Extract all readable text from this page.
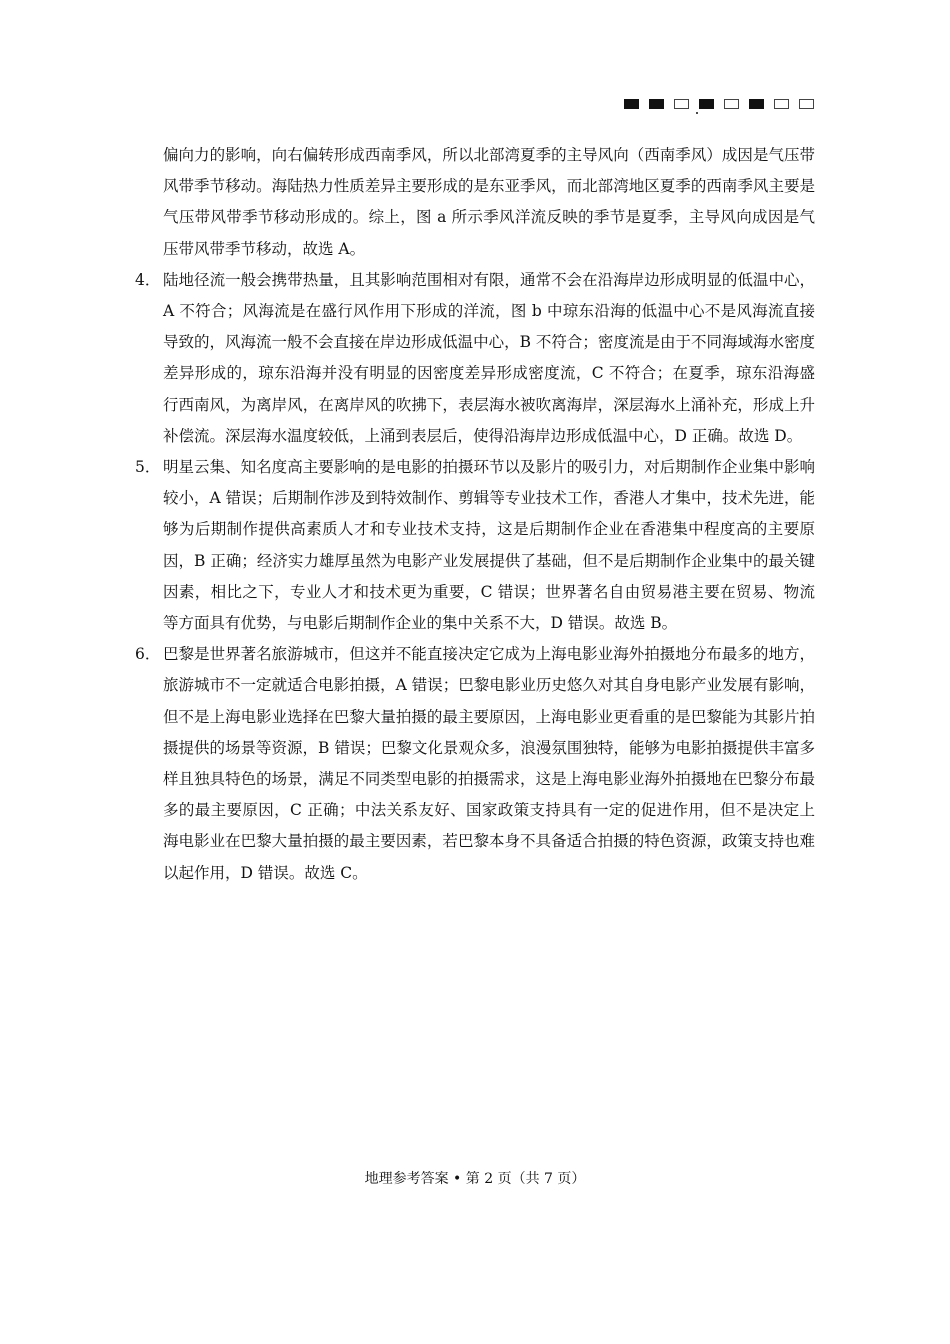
偏向力的影响，向右偏转形成西南季风，所以北部湾夏季的主导风向（西南季风）成因是气压带风带季节移动。海陆热力性质差异主要形成的是东亚季风，而北部湾地区夏季的西南季风主要是气压带风带季节移动形成的。综上，图 a 所示季风洋流反映的季节是夏季，主导风向成因是气压带风带季节移动，故选 A。

4． 陆地径流一般会携带热量，且其影响范围相对有限，通常不会在沿海岸边形成明显的低温中心，A 不符合；风海流是在盛行风作用下形成的洋流，图 b 中琼东沿海的低温中心不是风海流直接导致的，风海流一般不会直接在岸边形成低温中心，B 不符合；密度流是由于不同海域海水密度差异形成的，琼东沿海并没有明显的因密度差异形成密度流，C 不符合；在夏季，琼东沿海盛行西南风，为离岸风，在离岸风的吹拂下，表层海水被吹离海岸，深层海水上涌补充，形成上升补偿流。深层海水温度较低，上涌到表层后，使得沿海岸边形成低温中心，D 正确。故选 D。

5． 明星云集、知名度高主要影响的是电影的拍摄环节以及影片的吸引力，对后期制作企业集中影响较小，A 错误；后期制作涉及到特效制作、剪辑等专业技术工作，香港人才集中，技术先进，能够为后期制作提供高素质人才和专业技术支持，这是后期制作企业在香港集中程度高的主要原因，B 正确；经济实力雄厚虽然为电影产业发展提供了基础，但不是后期制作企业集中的最关键因素，相比之下，专业人才和技术更为重要，C 错误；世界著名自由贸易港主要在贸易、物流等方面具有优势，与电影后期制作企业的集中关系不大，D 错误。故选 B。

6． 巴黎是世界著名旅游城市，但这并不能直接决定它成为上海电影业海外拍摄地分布最多的地方，旅游城市不一定就适合电影拍摄，A 错误；巴黎电影业历史悠久对其自身电影产业发展有影响，但不是上海电影业选择在巴黎大量拍摄的最主要原因，上海电影业更看重的是巴黎能为其影片拍摄提供的场景等资源，B 错误；巴黎文化景观众多，浪漫氛围独特，能够为电影拍摄提供丰富多样且独具特色的场景，满足不同类型电影的拍摄需求，这是上海电影业海外拍摄地在巴黎分布最多的最主要原因，C 正确；中法关系友好、国家政策支持具有一定的促进作用，但不是决定上海电影业在巴黎大量拍摄的最主要因素，若巴黎本身不具备适合拍摄的特色资源，政策支持也难以起作用，D 错误。故选 C。

地理参考答案 • 第 2 页（共 7 页）
